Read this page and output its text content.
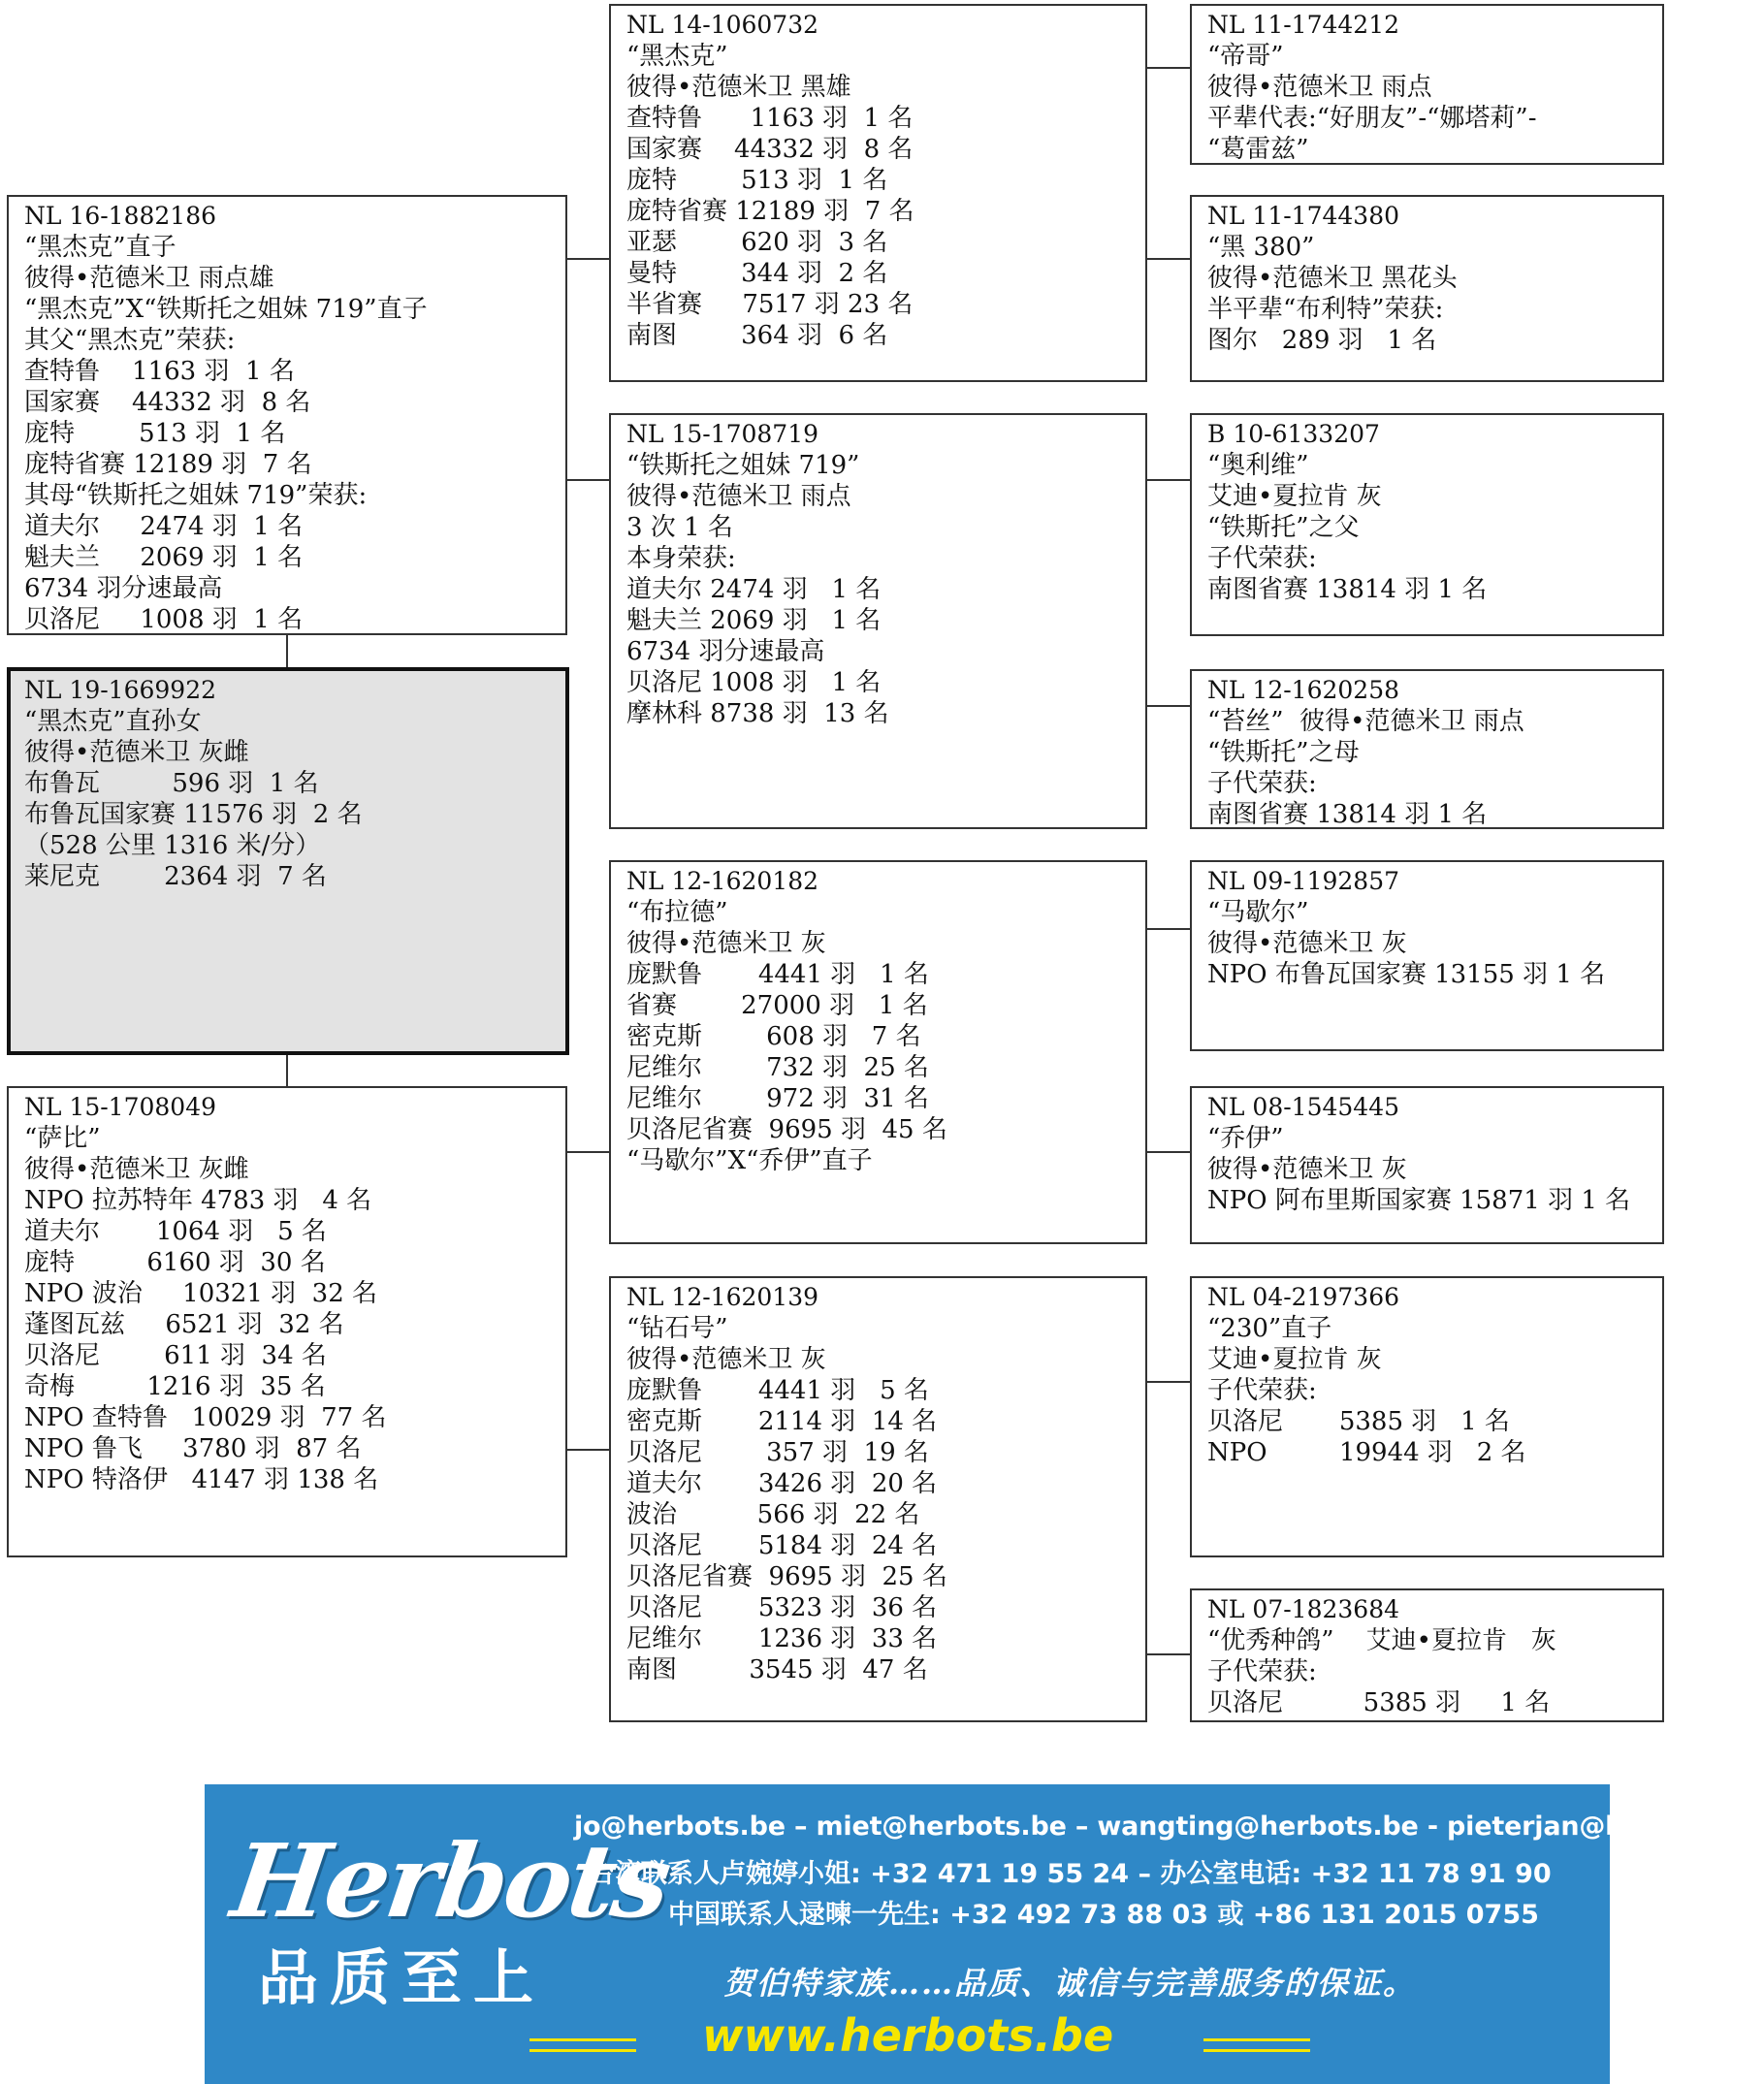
NL 16-1882186
“黑杰克”直子
彼得•范德米卫 雨点雄
“黑杰克”X“铁斯托之姐妹 719”直子
其父“黑杰克”荣获:
查特鲁    1163 羽  1 名
国家赛    44332 羽  8 名
庞特        513 羽  1 名
庞特省赛 12189 羽  7 名
其母“铁斯托之姐妹 719”荣获:
道夫尔     2474 羽  1 名
魁夫兰     2069 羽  1 名
6734 羽分速最高
贝洛尼     1008 羽  1 名
NL 19-1669922
“黑杰克”直孙女
彼得•范德米卫 灰雌
布鲁瓦         596 羽  1 名
布鲁瓦国家赛 11576 羽  2 名
（528 公里 1316 米/分）
莱尼克        2364 羽  7 名
NL 15-1708049
“萨比”
彼得•范德米卫 灰雌
NPO 拉苏特年 4783 羽   4 名
道夫尔       1064 羽   5 名
庞特         6160 羽  30 名
NPO 波治     10321 羽  32 名
蓬图瓦兹     6521 羽  32 名
贝洛尼        611 羽  34 名
奇梅         1216 羽  35 名
NPO 查特鲁   10029 羽  77 名
NPO 鲁飞     3780 羽  87 名
NPO 特洛伊   4147 羽 138 名
NL 14-1060732
“黑杰克”
彼得•范德米卫 黑雄
查特鲁      1163 羽  1 名
国家赛    44332 羽  8 名
庞特        513 羽  1 名
庞特省赛 12189 羽  7 名
亚瑟        620 羽  3 名
曼特        344 羽  2 名
半省赛     7517 羽 23 名
南图        364 羽  6 名
NL 15-1708719
“铁斯托之姐妹 719”
彼得•范德米卫 雨点
3 次 1 名
本身荣获:
道夫尔 2474 羽   1 名
魁夫兰 2069 羽   1 名
6734 羽分速最高
贝洛尼 1008 羽   1 名
摩林科 8738 羽  13 名
NL 12-1620182
“布拉德”
彼得•范德米卫 灰
庞默鲁       4441 羽   1 名
省赛        27000 羽   1 名
密克斯        608 羽   7 名
尼维尔        732 羽  25 名
尼维尔        972 羽  31 名
贝洛尼省赛  9695 羽  45 名
“马歇尔”X“乔伊”直子
NL 12-1620139
“钻石号”
彼得•范德米卫 灰
庞默鲁       4441 羽   5 名
密克斯       2114 羽  14 名
贝洛尼        357 羽  19 名
道夫尔       3426 羽  20 名
波治          566 羽  22 名
贝洛尼       5184 羽  24 名
贝洛尼省赛  9695 羽  25 名
贝洛尼       5323 羽  36 名
尼维尔       1236 羽  33 名
南图         3545 羽  47 名
NL 11-1744212
“帝哥”
彼得•范德米卫 雨点
平辈代表:“好朋友”-“娜塔莉”-
“葛雷兹”
NL 11-1744380
“黑 380”
彼得•范德米卫 黑花头
半平辈“布利特”荣获:
图尔   289 羽   1 名
B 10-6133207
“奥利维”
艾迪•夏拉肯 灰
“铁斯托”之父
子代荣获:
南图省赛 13814 羽 1 名
NL 12-1620258
“苔丝”  彼得•范德米卫 雨点
“铁斯托”之母
子代荣获:
南图省赛 13814 羽 1 名
NL 09-1192857
“马歇尔”
彼得•范德米卫 灰
NPO 布鲁瓦国家赛 13155 羽 1 名
NL 08-1545445
“乔伊”
彼得•范德米卫 灰
NPO 阿布里斯国家赛 15871 羽 1 名
NL 04-2197366
“230”直子
艾迪•夏拉肯 灰
子代荣获:
贝洛尼       5385 羽   1 名
NPO         19944 羽   2 名
NL 07-1823684
“优秀种鸽”    艾迪•夏拉肯   灰
子代荣获:
贝洛尼          5385 羽     1 名
Herbots
品质至上
jo@herbots.be – miet@herbots.be – wangting@herbots.be - pieterjan@herbots.be
台湾联系人卢婉婷小姐: +32 471 19 55 24 – 办公室电话: +32 11 78 91 90
中国联系人逯暕一先生: +32 492 73 88 03 或 +86 131 2015 0755
贺伯特家族……品质、诚信与完善服务的保证。
www.herbots.be
